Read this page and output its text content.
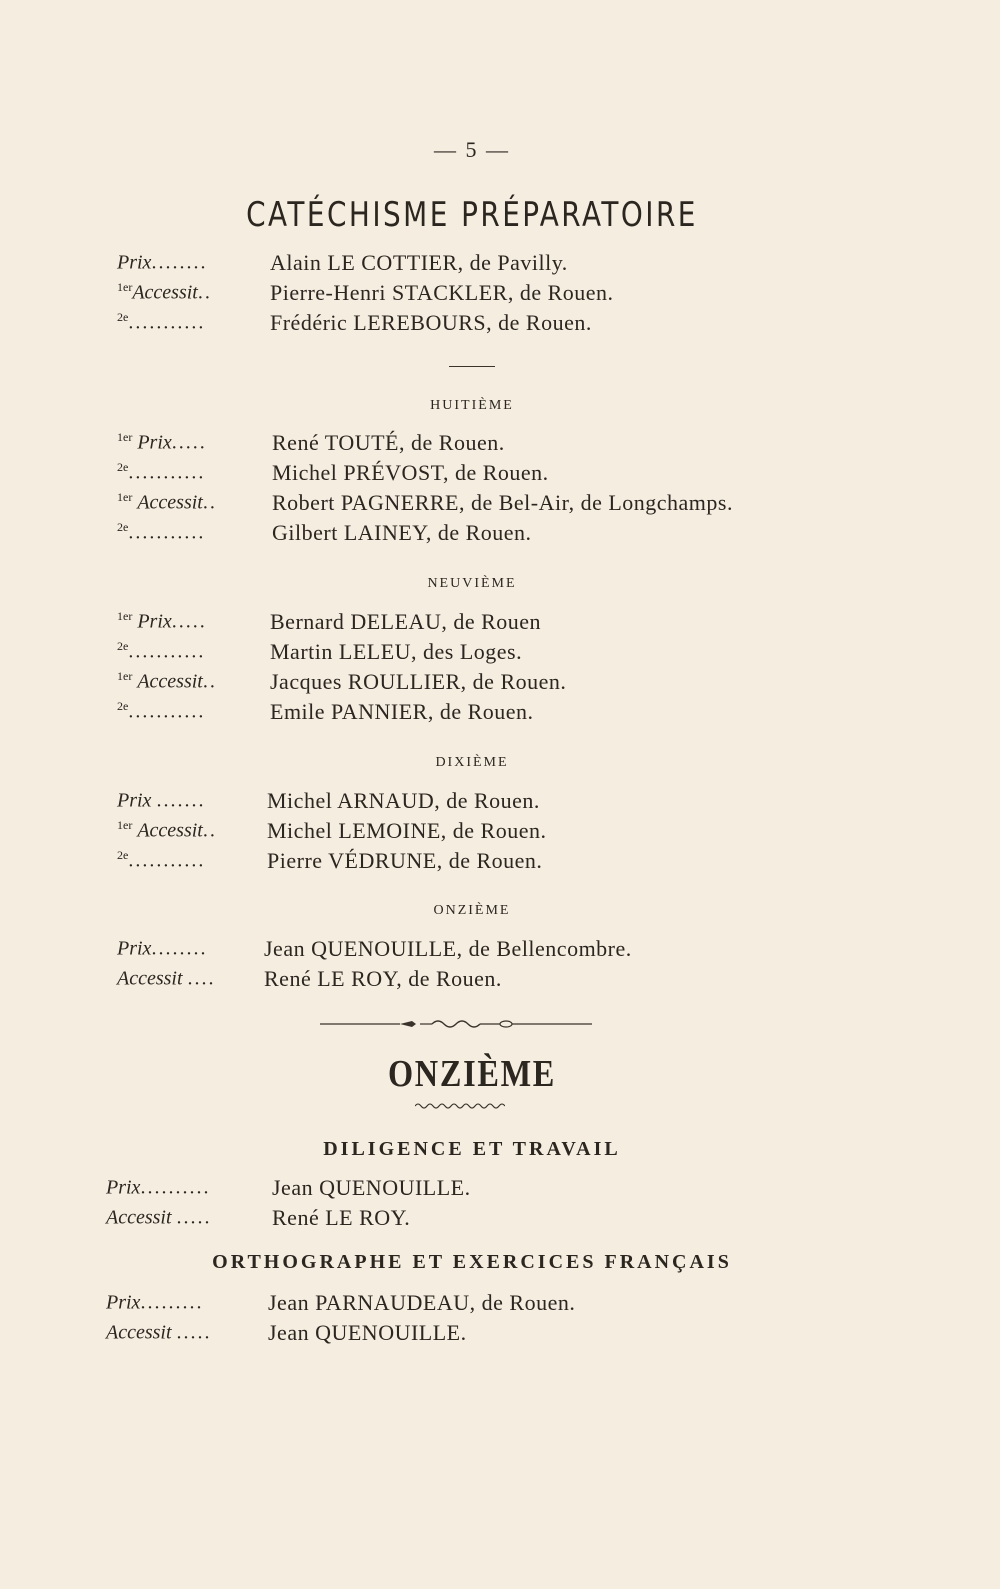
— 5 —
CATÉCHISME PRÉPARATOIRE
Prix........	Alain LE COTTIER, de Pavilly.
$^{1er}$Accessit..	Pierre-Henri STACKLER, de Rouen.
$^{2e}$...........	Frédéric LEREBOURS, de Rouen.
HUITIÈME
$^{1er}$ Prix.....	René TOUTÉ, de Rouen.
$^{2e}$...........	Michel PRÉVOST, de Rouen.
$^{1er}$ Accessit..	Robert PAGNERRE, de Bel-Air, de Longchamps.
$^{2e}$...........	Gilbert LAINEY, de Rouen.
NEUVIÈME
$^{1er}$ Prix.....	Bernard DELEAU, de Rouen
$^{2e}$...........	Martin LELEU, des Loges.
$^{1er}$ Accessit.. Jacques ROULLIER, de Rouen.
$^{2e}$...........	Emile PANNIER, de Rouen.
DIXIÈME
Prix .......	Michel ARNAUD, de Rouen.
$^{1er}$ Accessit.. Michel LEMOINE, de Rouen.
$^{2e}$...........	Pierre VÉDRUNE, de Rouen.
ONZIÈME
Prix........	Jean QUENOUILLE, de Bellencombre.
Accessit .... René LE ROY, de Rouen.
ONZIÈME
DILIGENCE ET TRAVAIL
Prix..........	Jean QUENOUILLE.
Accessit .....	René LE ROY.
ORTHOGRAPHE ET EXERCICES FRANÇAIS
Prix.........	Jean PARNAUDEAU, de Rouen.
Accessit .....	Jean QUENOUILLE.
